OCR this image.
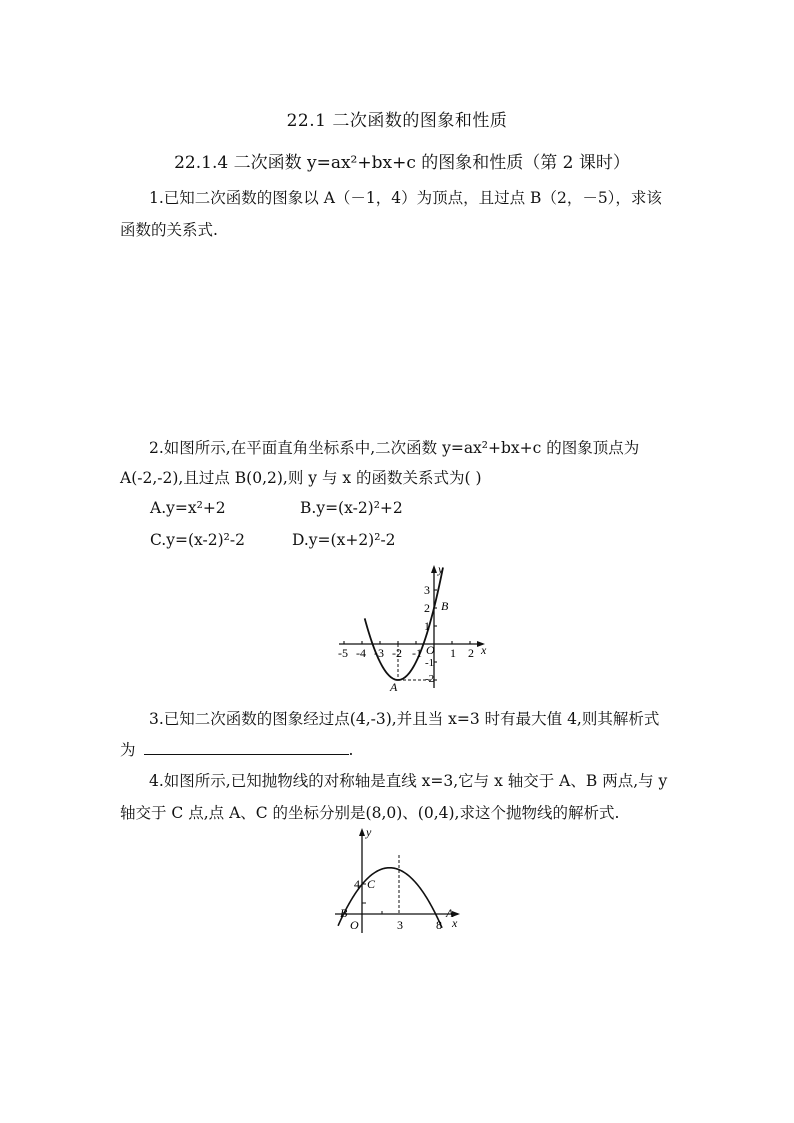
22.1 二次函数的图象和性质
22.1.4 二次函数 y=ax²+bx+c 的图象和性质（第 2 课时）
1.已知二次函数的图象以 A（－1，4）为顶点，且过点 B（2，－5），求该
函数的关系式.
2.如图所示,在平面直角坐标系中,二次函数 y=ax²+bx+c 的图象顶点为
A(-2,-2),且过点 B(0,2),则 y 与 x 的函数关系式为( )
A.y=x²+2	B.y=(x-2)²+2
C.y=(x-2)²-2	D.y=(x+2)²-2
-5 -4 -3 -2 -1 1 2
3
2
1
-1
-2
x
y
O
B
A
3.已知二次函数的图象经过点(4,-3),并且当 x=3 时有最大值 4,则其解析式
为	.
4.如图所示,已知抛物线的对称轴是直线 x=3,它与 x 轴交于 A、B 两点,与 y
轴交于 C 点,点 A、C 的坐标分别是(8,0)、(0,4),求这个抛物线的解析式.
y
x
O
4 C
B	A
3	8
